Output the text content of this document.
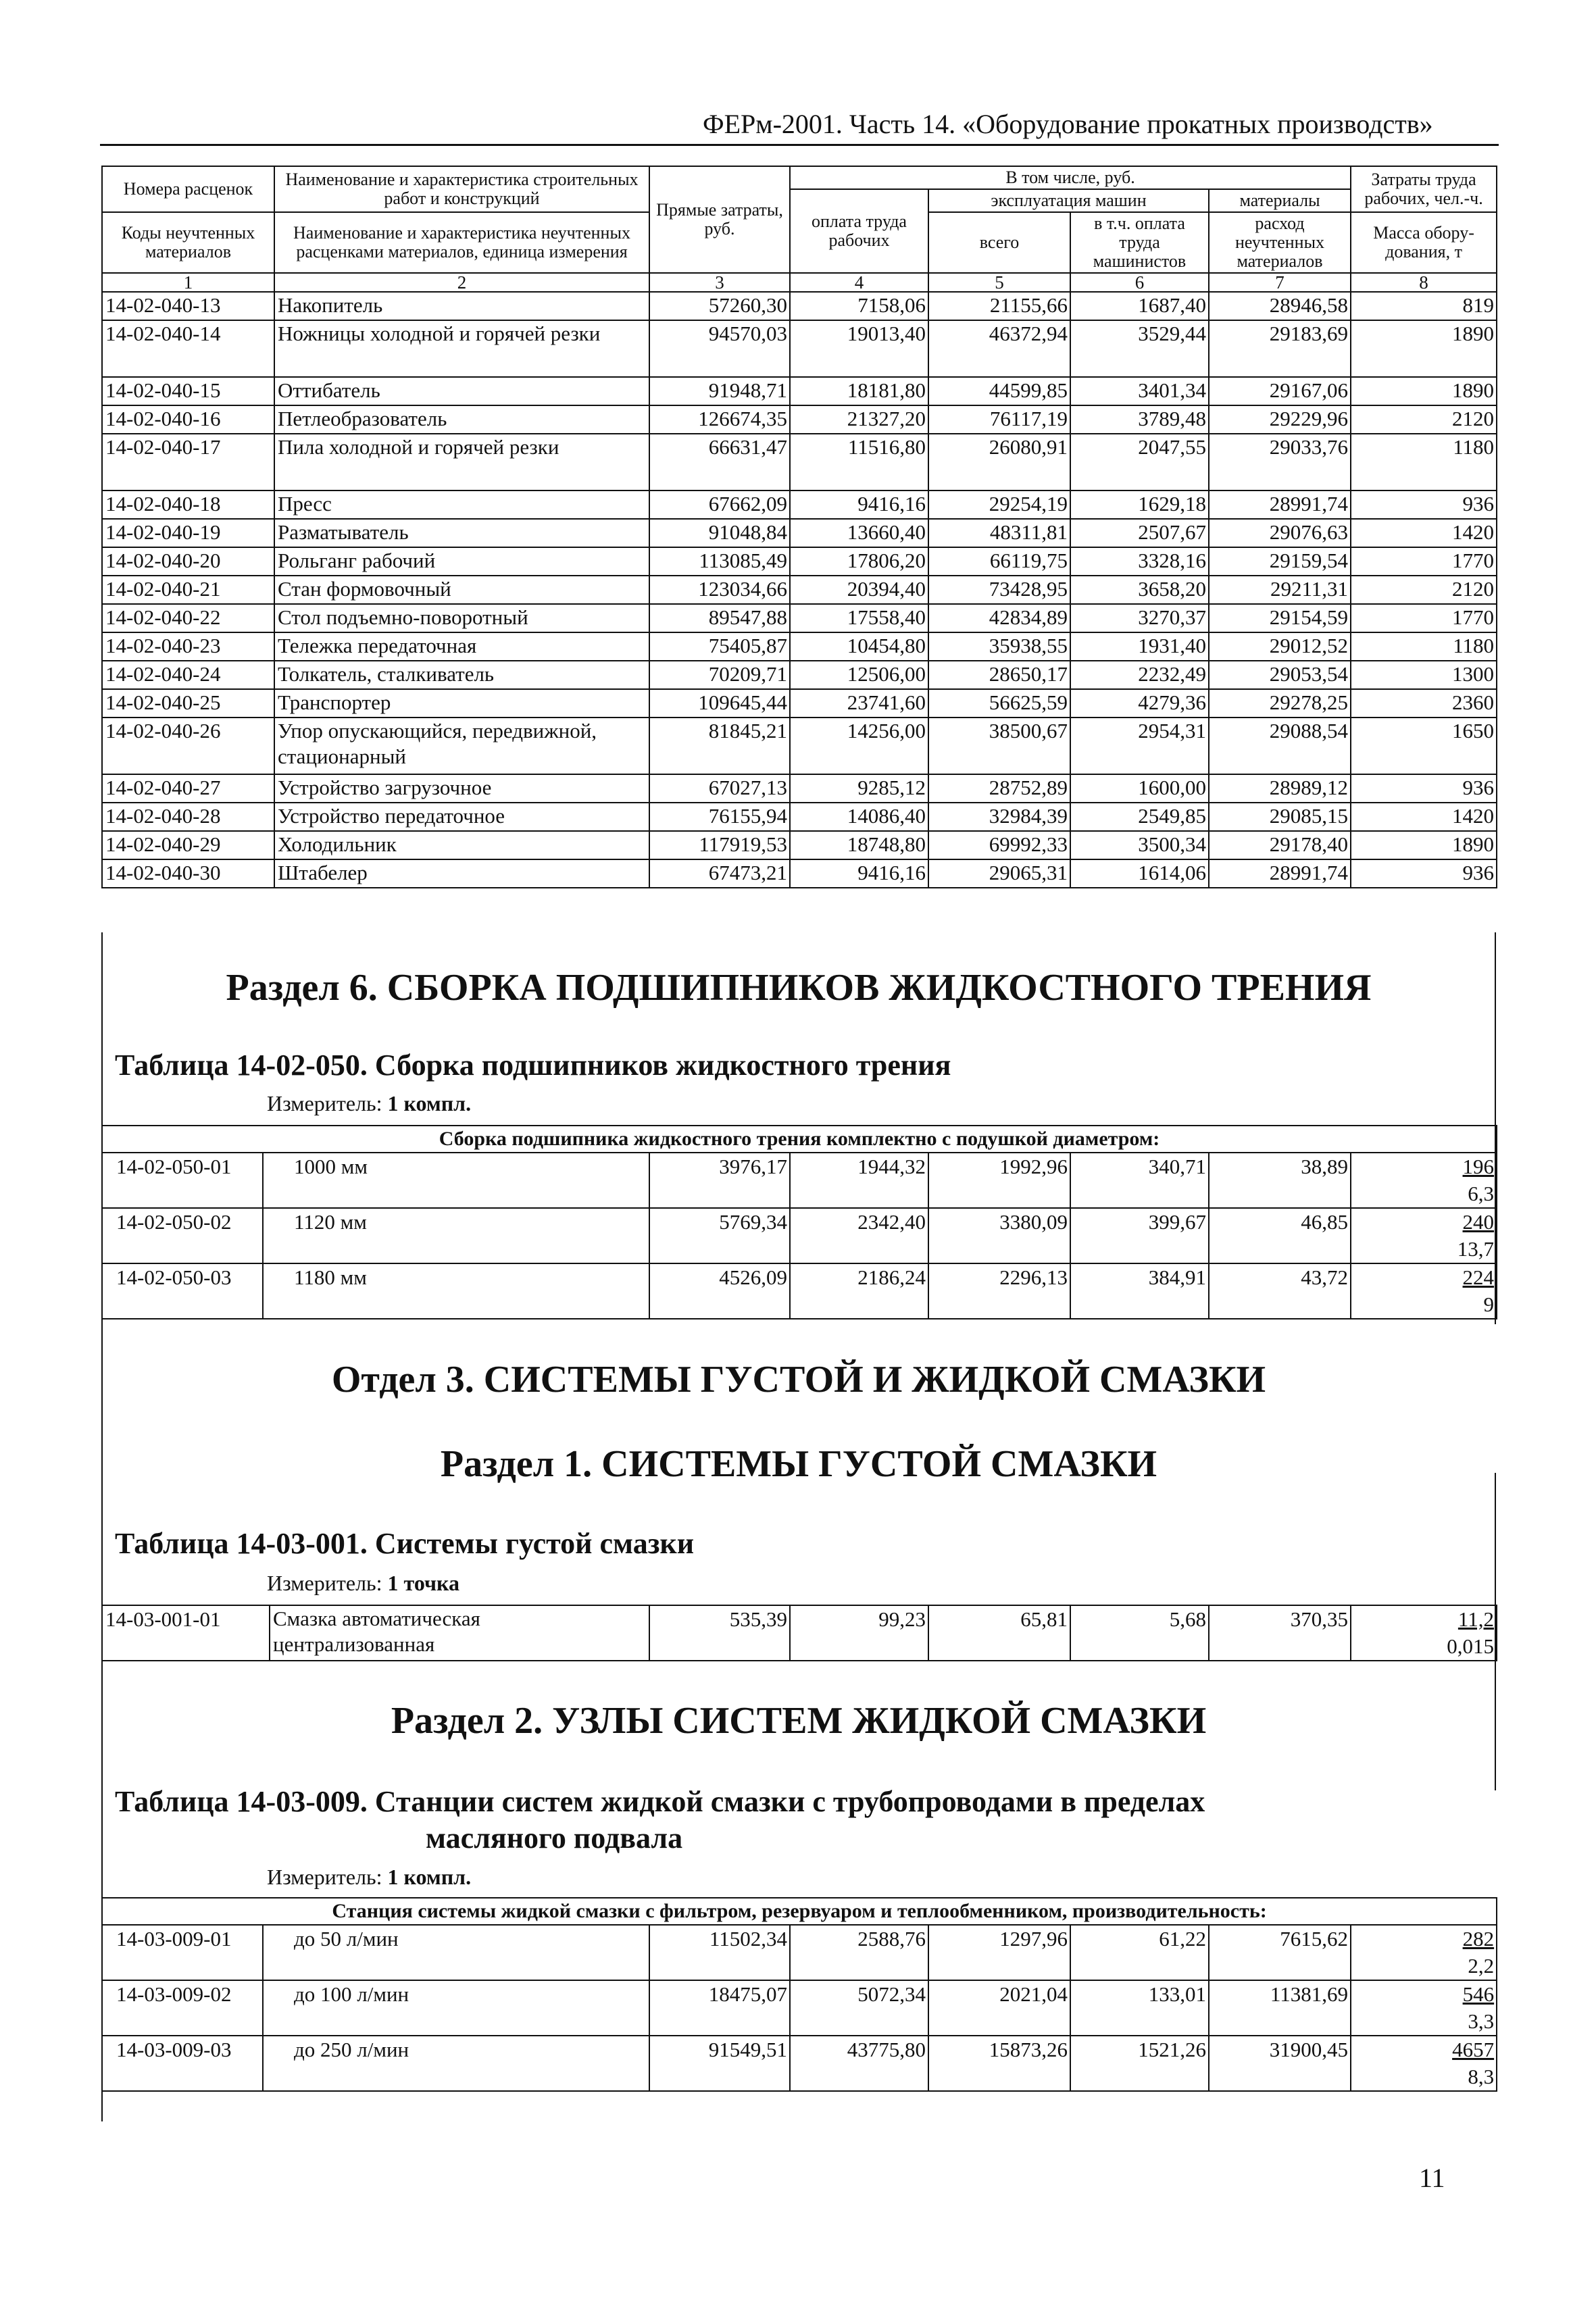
ФЕРм-2001. Часть 14. «Оборудование прокатных производств»
Номера расценок	Наименование и характеристика строительных работ и конструкций	Прямые затраты, руб.	В том числе, руб.				Затраты труда рабочих, чел.-ч.
			оплата труда рабочих	эксплуатация машин		материалы	
Коды неучтенных материалов	Наименование и характеристика неучтенных расценками материалов, единица измерения			всего	в т.ч. оплата труда машинистов	расход неучтенных материалов	
							Масса обору-дования, т
1	2	3	4	5	6	7	8
14-02-040-13	Накопитель	57260,30	7158,06	21155,66	1687,40	28946,58	819
14-02-040-14	Ножницы холодной и горячей резки	94570,03	19013,40	46372,94	3529,44	29183,69	1890
14-02-040-15	Оттибатель	91948,71	18181,80	44599,85	3401,34	29167,06	1890
14-02-040-16	Петлеобразователь	126674,35	21327,20	76117,19	3789,48	29229,96	2120
14-02-040-17	Пила холодной и горячей резки	66631,47	11516,80	26080,91	2047,55	29033,76	1180
14-02-040-18	Пресс	67662,09	9416,16	29254,19	1629,18	28991,74	936
14-02-040-19	Разматыватель	91048,84	13660,40	48311,81	2507,67	29076,63	1420
14-02-040-20	Рольганг рабочий	113085,49	17806,20	66119,75	3328,16	29159,54	1770
14-02-040-21	Стан формовочный	123034,66	20394,40	73428,95	3658,20	29211,31	2120
14-02-040-22	Стол подъемно-поворотный	89547,88	17558,40	42834,89	3270,37	29154,59	1770
14-02-040-23	Тележка передаточная	75405,87	10454,80	35938,55	1931,40	29012,52	1180
14-02-040-24	Толкатель, сталкиватель	70209,71	12506,00	28650,17	2232,49	29053,54	1300
14-02-040-25	Транспортер	109645,44	23741,60	56625,59	4279,36	29278,25	2360
14-02-040-26	Упор опускающийся, передвижной, стационарный	81845,21	14256,00	38500,67	2954,31	29088,54	1650
14-02-040-27	Устройство загрузочное	67027,13	9285,12	28752,89	1600,00	28989,12	936
14-02-040-28	Устройство передаточное	76155,94	14086,40	32984,39	2549,85	29085,15	1420
14-02-040-29	Холодильник	117919,53	18748,80	69992,33	3500,34	29178,40	1890
14-02-040-30	Штабелер	67473,21	9416,16	29065,31	1614,06	28991,74	936
Раздел 6. СБОРКА ПОДШИПНИКОВ ЖИДКОСТНОГО ТРЕНИЯ
Таблица 14-02-050. Сборка подшипников жидкостного трения
Измеритель: 1 компл.
Сборка подшипника жидкостного трения комплектно с подушкой диаметром:							
14-02-050-01	1000 мм	3976,17	1944,32	1992,96	340,71	38,89	196
6,3

14-02-050-02	1120 мм	5769,34	2342,40	3380,09	399,67	46,85	240
13,7

14-02-050-03	1180 мм	4526,09	2186,24	2296,13	384,91	43,72	224
9
Отдел 3. СИСТЕМЫ ГУСТОЙ И ЖИДКОЙ СМАЗКИ
Раздел 1. СИСТЕМЫ ГУСТОЙ СМАЗКИ
Таблица 14-03-001. Системы густой смазки
Измеритель: 1 точка
14-03-001-01	Смазка автоматическая централизованная	535,39	99,23	65,81	5,68	370,35	11,2
0,015
Раздел 2. УЗЛЫ СИСТЕМ ЖИДКОЙ СМАЗКИ
Таблица 14-03-009. Станции систем жидкой смазки с трубопроводами в пределах
масляного подвала
Измеритель: 1 компл.
Станция системы жидкой смазки с фильтром, резервуаром и теплообменником, производительность:							
14-03-009-01	до 50 л/мин	11502,34	2588,76	1297,96	61,22	7615,62	282
2,2

14-03-009-02	до 100 л/мин	18475,07	5072,34	2021,04	133,01	11381,69	546
3,3

14-03-009-03	до 250 л/мин	91549,51	43775,80	15873,26	1521,26	31900,45	4657
8,3
11
